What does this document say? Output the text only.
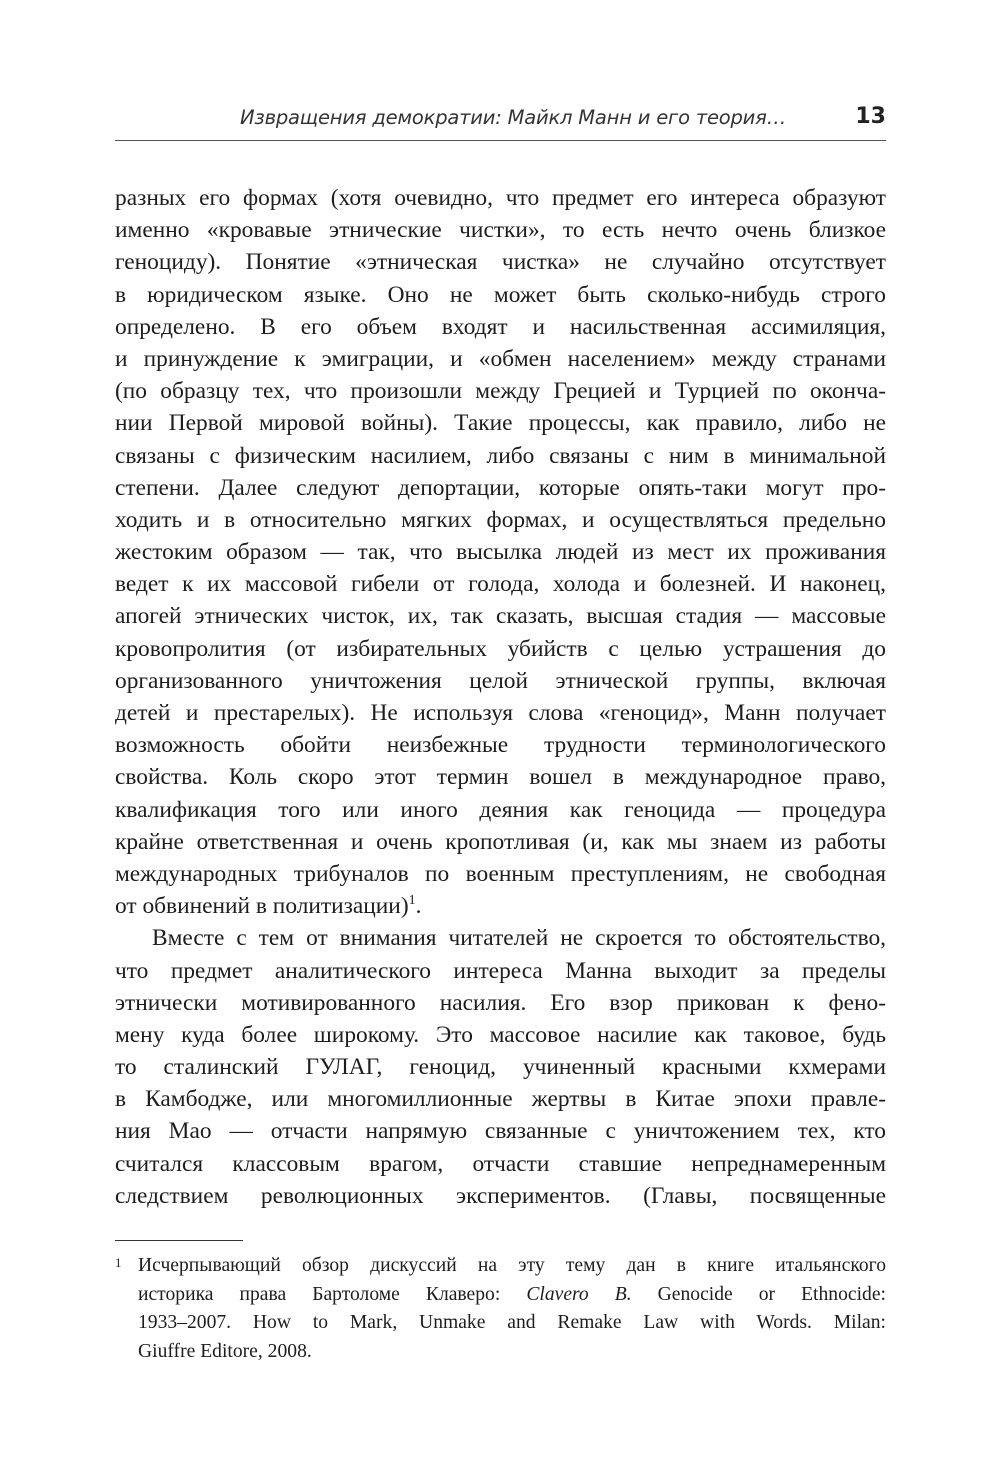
Извращения демократии: Майкл Манн и его теория…	13
разных его формах (хотя очевидно, что предмет его интереса образуют
именно «кровавые этнические чистки», то есть нечто очень близкое
геноциду). Понятие «этническая чистка» не случайно отсутствует
в юридическом языке. Оно не может быть сколько-нибудь строго
определено. В его объем входят и насильственная ассимиляция,
и принуждение к эмиграции, и «обмен населением» между странами
(по образцу тех, что произошли между Грецией и Турцией по оконча-
нии Первой мировой войны). Такие процессы, как правило, либо не
связаны с физическим насилием, либо связаны с ним в минимальной
степени. Далее следуют депортации, которые опять-таки могут про-
ходить и в относительно мягких формах, и осуществляться предельно
жестоким образом — так, что высылка людей из мест их проживания
ведет к их массовой гибели от голода, холода и болезней. И наконец,
апогей этнических чисток, их, так сказать, высшая стадия — массовые
кровопролития (от избирательных убийств с целью устрашения до
организованного уничтожения целой этнической группы, включая
детей и престарелых). Не используя слова «геноцид», Манн получает
возможность обойти неизбежные трудности терминологического
свойства. Коль скоро этот термин вошел в международное право,
квалификация того или иного деяния как геноцида — процедура
крайне ответственная и очень кропотливая (и, как мы знаем из работы
международных трибуналов по военным преступлениям, не свободная
от обвинений в политизации)$^1$.
Вместе с тем от внимания читателей не скроется то обстоятельство,
что предмет аналитического интереса Манна выходит за пределы
этнически мотивированного насилия. Его взор прикован к фено-
мену куда более широкому. Это массовое насилие как таковое, будь
то сталинский ГУЛАГ, геноцид, учиненный красными кхмерами
в Камбодже, или многомиллионные жертвы в Китае эпохи правле-
ния Мао — отчасти напрямую связанные с уничтожением тех, кто
считался классовым врагом, отчасти ставшие непреднамеренным
следствием революционных экспериментов. (Главы, посвященные
1 Исчерпывающий обзор дискуссий на эту тему дан в книге итальянского
историка права Бартоломе Клаверо: Clavero B. Genocide or Ethnocide:
1933–2007. How to Mark, Unmake and Remake Law with Words. Milan:
Giuffre Editore, 2008.
